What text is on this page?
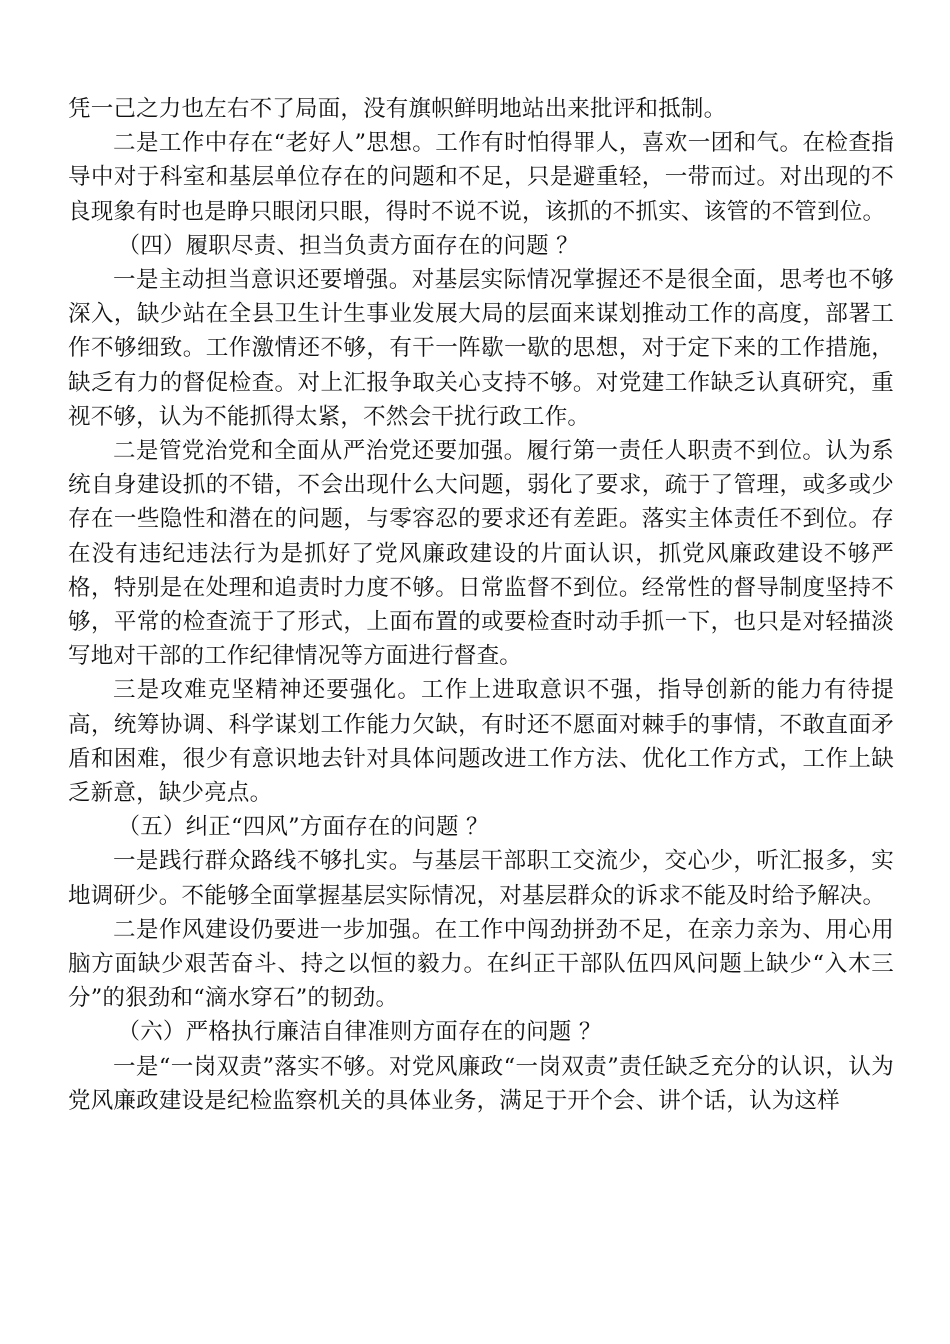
凭一己之力也左右不了局面，没有旗帜鲜明地站出来批评和抵制。

二是工作中存在“老好人”思想。工作有时怕得罪人，喜欢一团和气。在检查指导中对于科室和基层单位存在的问题和不足，只是避重轻，一带而过。对出现的不良现象有时也是睁只眼闭只眼，得时不说不说，该抓的不抓实、该管的不管到位。

（四）履职尽责、担当负责方面存在的问题 ？

一是主动担当意识还要增强。对基层实际情况掌握还不是很全面，思考也不够深入，缺少站在全县卫生计生事业发展大局的层面来谋划推动工作的高度，部署工作不够细致。工作激情还不够，有干一阵歇一歇的思想，对于定下来的工作措施，缺乏有力的督促检查。对上汇报争取关心支持不够。对党建工作缺乏认真研究，重视不够，认为不能抓得太紧，不然会干扰行政工作。

二是管党治党和全面从严治党还要加强。履行第一责任人职责不到位。认为系统自身建设抓的不错，不会出现什么大问题，弱化了要求，疏于了管理，或多或少存在一些隐性和潜在的问题，与零容忍的要求还有差距。落实主体责任不到位。存在没有违纪违法行为是抓好了党风廉政建设的片面认识，抓党风廉政建设不够严格，特别是在处理和追责时力度不够。日常监督不到位。经常性的督导制度坚持不够，平常的检查流于了形式，上面布置的或要检查时动手抓一下，也只是对轻描淡写地对干部的工作纪律情况等方面进行督查。

三是攻难克坚精神还要强化。工作上进取意识不强，指导创新的能力有待提高，统筹协调、科学谋划工作能力欠缺，有时还不愿面对棘手的事情，不敢直面矛盾和困难，很少有意识地去针对具体问题改进工作方法、优化工作方式，工作上缺乏新意，缺少亮点。

（五）纠正“四风”方面存在的问题 ？

一是践行群众路线不够扎实。与基层干部职工交流少，交心少，听汇报多，实地调研少。不能够全面掌握基层实际情况，对基层群众的诉求不能及时给予解决。

二是作风建设仍要进一步加强。在工作中闯劲拼劲不足，在亲力亲为、用心用脑方面缺少艰苦奋斗、持之以恒的毅力。在纠正干部队伍四风问题上缺少“入木三分”的狠劲和“滴水穿石”的韧劲。

（六）严格执行廉洁自律准则方面存在的问题 ？

一是“一岗双责”落实不够。对党风廉政“一岗双责”责任缺乏充分的认识，认为党风廉政建设是纪检监察机关的具体业务，满足于开个会、讲个话，认为这样
